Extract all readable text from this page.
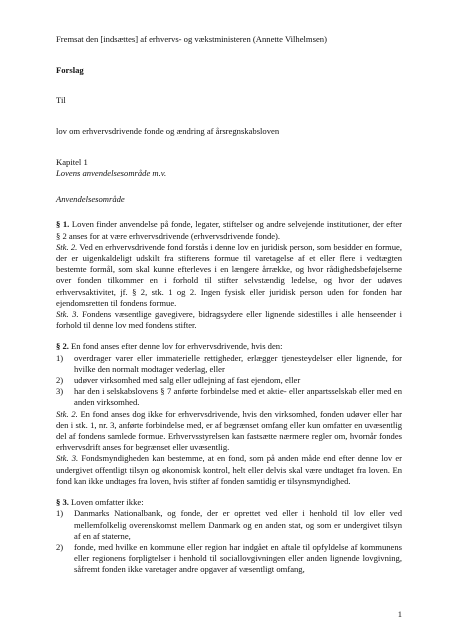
Fremsat den [indsættes] af erhvervs- og vækstministeren (Annette Vilhelmsen)

Forslag

Til

lov om erhvervsdrivende fonde og ændring af årsregnskabsloven

Kapitel 1

Lovens anvendelsesområde m.v.

Anvendelsesområde

§ 1. Loven finder anvendelse på fonde, legater, stiftelser og andre selvejende institutioner, der efter § 2 anses for at være erhvervsdrivende (erhvervsdrivende fonde).

Stk. 2. Ved en erhvervsdrivende fond forstås i denne lov en juridisk person, som besidder en formue, der er uigenkaldeligt udskilt fra stifterens formue til varetagelse af et eller flere i vedtægten bestemte formål, som skal kunne efterleves i en længere årrække, og hvor rådighedsbeføjelserne over fonden tilkommer en i forhold til stifter selvstændig ledelse, og hvor der udøves erhvervsaktivitet, jf. § 2, stk. 1 og 2. Ingen fysisk eller juridisk person uden for fonden har ejendomsretten til fondens formue.

Stk. 3. Fondens væsentlige gavegivere, bidragsydere eller lignende sidestilles i alle henseender i forhold til denne lov med fondens stifter.

§ 2. En fond anses efter denne lov for erhvervsdrivende, hvis den:

1)	overdrager varer eller immaterielle rettigheder, erlægger tjenesteydelser eller lignende, for hvilke den normalt modtager vederlag, eller
2)	udøver virksomhed med salg eller udlejning af fast ejendom, eller
3)	har den i selskabslovens § 7 anførte forbindelse med et aktie- eller anpartsselskab eller med en anden virksomhed.

Stk. 2. En fond anses dog ikke for erhvervsdrivende, hvis den virksomhed, fonden udøver eller har den i stk. 1, nr. 3, anførte forbindelse med, er af begrænset omfang eller kun omfatter en uvæsentlig del af fondens samlede formue. Erhvervsstyrelsen kan fastsætte nærmere regler om, hvornår fondes erhvervsdrift anses for begrænset eller uvæsentlig.

Stk. 3. Fondsmyndigheden kan bestemme, at en fond, som på anden måde end efter denne lov er undergivet offentligt tilsyn og økonomisk kontrol, helt eller delvis skal være undtaget fra loven. En fond kan ikke undtages fra loven, hvis stifter af fonden samtidig er tilsynsmyndighed.

§ 3. Loven omfatter ikke:

1)	Danmarks Nationalbank, og fonde, der er oprettet ved eller i henhold til lov eller ved mellemfolkelig overenskomst mellem Danmark og en anden stat, og som er undergivet tilsyn af en af staterne,
2)	fonde, med hvilke en kommune eller region har indgået en aftale til opfyldelse af kommunens eller regionens forpligtelser i henhold til sociallovgivningen eller anden lignende lovgivning, såfremt fonden ikke varetager andre opgaver af væsentligt omfang,
1
